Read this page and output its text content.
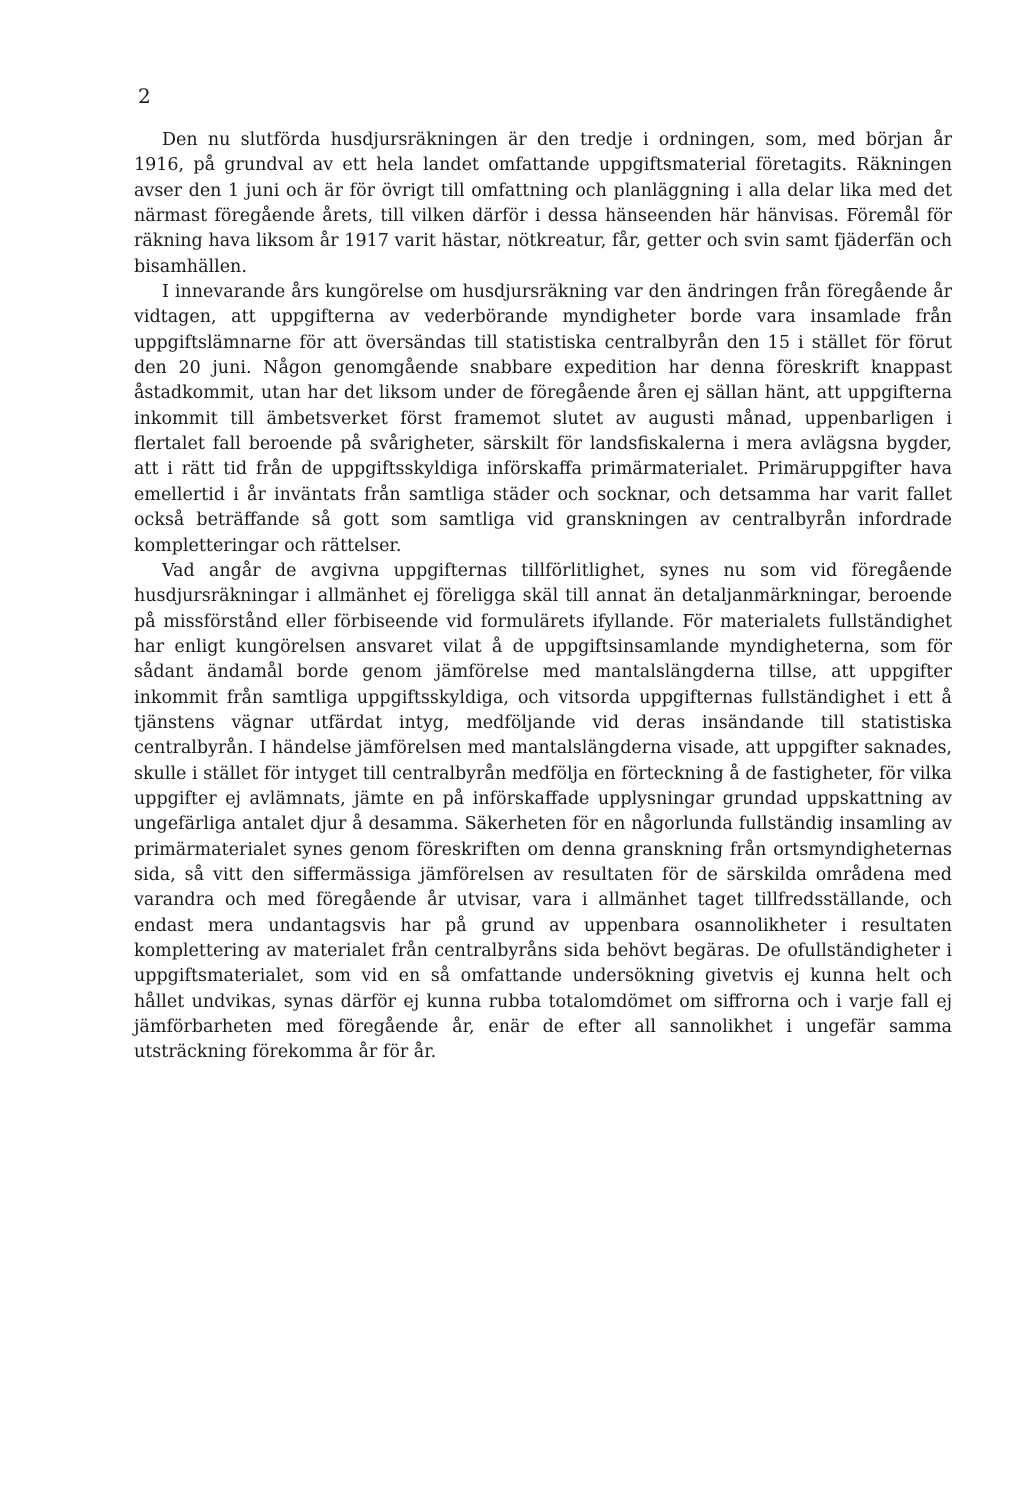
2

Den nu slutförda husdjursräkningen är den tredje i ordningen, som, med början år 1916, på grundval av ett hela landet omfattande uppgiftsmaterial företagits. Räkningen avser den 1 juni och är för övrigt till omfattning och planläggning i alla delar lika med det närmast föregående årets, till vilken därför i dessa hänseenden här hänvisas. Föremål för räkning hava liksom år 1917 varit hästar, nötkreatur, får, getter och svin samt fjäderfän och bisamhällen.

I innevarande års kungörelse om husdjursräkning var den ändringen från föregående år vidtagen, att uppgifterna av vederbörande myndigheter borde vara insamlade från uppgiftslämnarne för att översändas till statistiska centralbyrån den 15 i stället för förut den 20 juni. Någon genomgående snabbare expedition har denna föreskrift knappast åstadkommit, utan har det liksom under de föregående åren ej sällan hänt, att uppgifterna inkommit till ämbetsverket först framemot slutet av augusti månad, uppenbarligen i flertalet fall beroende på svårigheter, särskilt för landsfiskalerna i mera avlägsna bygder, att i rätt tid från de uppgiftsskyldiga införskaffa primärmaterialet. Primäruppgifter hava emellertid i år inväntats från samtliga städer och socknar, och detsamma har varit fallet också beträffande så gott som samtliga vid granskningen av centralbyrån infordrade kompletteringar och rättelser.

Vad angår de avgivna uppgifternas tillförlitlighet, synes nu som vid föregående husdjursräkningar i allmänhet ej föreligga skäl till annat än detaljanmärkningar, beroende på missförstånd eller förbiseende vid formulärets ifyllande. För materialets fullständighet har enligt kungörelsen ansvaret vilat å de uppgiftsinsamlande myndigheterna, som för sådant ändamål borde genom jämförelse med mantalslängderna tillse, att uppgifter inkommit från samtliga uppgiftsskyldiga, och vitsorda uppgifternas fullständighet i ett å tjänstens vägnar utfärdat intyg, medföljande vid deras insändande till statistiska centralbyrån. I händelse jämförelsen med mantalslängderna visade, att uppgifter saknades, skulle i stället för intyget till centralbyrån medfölja en förteckning å de fastigheter, för vilka uppgifter ej avlämnats, jämte en på införskaffade upplysningar grundad uppskattning av ungefärliga antalet djur å desamma. Säkerheten för en någorlunda fullständig insamling av primärmaterialet synes genom föreskriften om denna granskning från ortsmyndigheternas sida, så vitt den siffermässiga jämförelsen av resultaten för de särskilda områdena med varandra och med föregående år utvisar, vara i allmänhet taget tillfredsställande, och endast mera undantagsvis har på grund av uppenbara osannolikheter i resultaten komplettering av materialet från centralbyråns sida behövt begäras. De ofullständigheter i uppgiftsmaterialet, som vid en så omfattande undersökning givetvis ej kunna helt och hållet undvikas, synas därför ej kunna rubba totalomdömet om siffrorna och i varje fall ej jämförbarheten med föregående år, enär de efter all sannolikhet i ungefär samma utsträckning förekomma år för år.
